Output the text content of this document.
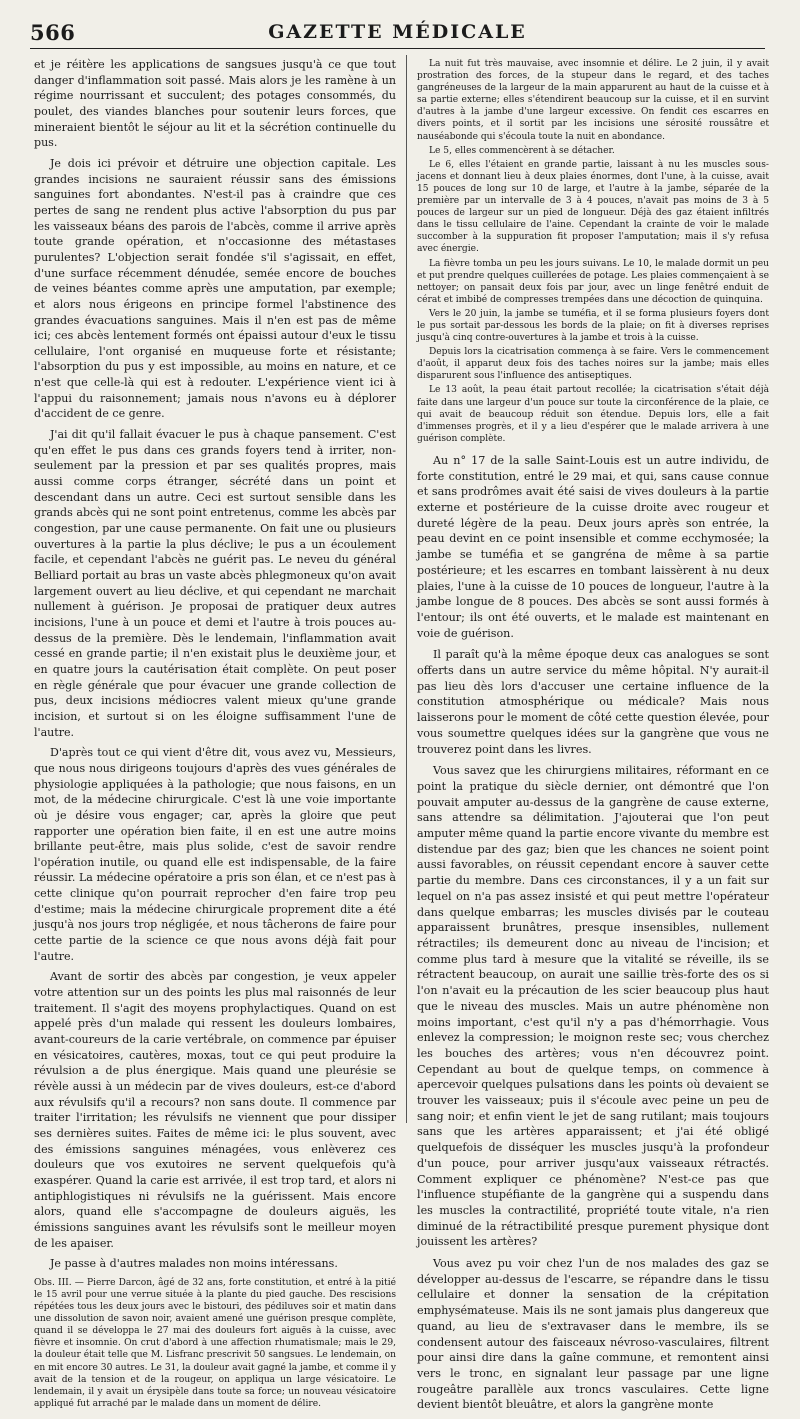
566	GAZETTE MÉDICALE

et je réitère les applications de sangsues jusqu'à ce que tout danger d'inflammation soit passé. Mais alors je les ramène à un régime nourrissant et succulent; des potages consommés, du poulet, des viandes blanches pour soutenir leurs forces, que mineraient bientôt le séjour au lit et la sécrétion continuelle du pus.

Je dois ici prévoir et détruire une objection capitale. Les grandes incisions ne sauraient réussir sans des émissions sanguines fort abondantes. N'est-il pas à craindre que ces pertes de sang ne rendent plus active l'absorption du pus par les vaisseaux béans des parois de l'abcès, comme il arrive après toute grande opération, et n'occasionne des métastases purulentes? L'objection serait fondée s'il s'agissait, en effet, d'une surface récemment dénudée, semée encore de bouches de veines béantes comme après une amputation, par exemple; et alors nous érigeons en principe formel l'abstinence des grandes évacuations sanguines. Mais il n'en est pas de même ici; ces abcès lentement formés ont épaissi autour d'eux le tissu cellulaire, l'ont organisé en muqueuse forte et résistante; l'absorption du pus y est impossible, au moins en nature, et ce n'est que celle-là qui est à redouter. L'expérience vient ici à l'appui du raisonnement; jamais nous n'avons eu à déplorer d'accident de ce genre.

J'ai dit qu'il fallait évacuer le pus à chaque pansement. C'est qu'en effet le pus dans ces grands foyers tend à irriter, non-seulement par la pression et par ses qualités propres, mais aussi comme corps étranger, sécrété dans un point et descendant dans un autre. Ceci est surtout sensible dans les grands abcès qui ne sont point entretenus, comme les abcès par congestion, par une cause permanente. On fait une ou plusieurs ouvertures à la partie la plus déclive; le pus a un écoulement facile, et cependant l'abcès ne guérit pas. Le neveu du général Belliard portait au bras un vaste abcès phlegmoneux qu'on avait largement ouvert au lieu déclive, et qui cependant ne marchait nullement à guérison. Je proposai de pratiquer deux autres incisions, l'une à un pouce et demi et l'autre à trois pouces au-dessus de la première. Dès le lendemain, l'inflammation avait cessé en grande partie; il n'en existait plus le deuxième jour, et en quatre jours la cautérisation était complète. On peut poser en règle générale que pour évacuer une grande collection de pus, deux incisions médiocres valent mieux qu'une grande incision, et surtout si on les éloigne suffisamment l'une de l'autre.

D'après tout ce qui vient d'être dit, vous avez vu, Messieurs, que nous nous dirigeons toujours d'après des vues générales de physiologie appliquées à la pathologie; que nous faisons, en un mot, de la médecine chirurgicale. C'est là une voie importante où je désire vous engager; car, après la gloire que peut rapporter une opération bien faite, il en est une autre moins brillante peut-être, mais plus solide, c'est de savoir rendre l'opération inutile, ou quand elle est indispensable, de la faire réussir. La médecine opératoire a pris son élan, et ce n'est pas à cette clinique qu'on pourrait reprocher d'en faire trop peu d'estime; mais la médecine chirurgicale proprement dite a été jusqu'à nos jours trop négligée, et nous tâcherons de faire pour cette partie de la science ce que nous avons déjà fait pour l'autre.

Avant de sortir des abcès par congestion, je veux appeler votre attention sur un des points les plus mal raisonnés de leur traitement. Il s'agit des moyens prophylactiques. Quand on est appelé près d'un malade qui ressent les douleurs lombaires, avant-coureurs de la carie vertébrale, on commence par épuiser en vésicatoires, cautères, moxas, tout ce qui peut produire la révulsion a de plus énergique. Mais quand une pleurésie se révèle aussi à un médecin par de vives douleurs, est-ce d'abord aux révulsifs qu'il a recours? non sans doute. Il commence par traiter l'irritation; les révulsifs ne viennent que pour dissiper ses dernières suites. Faites de même ici: le plus souvent, avec des émissions sanguines ménagées, vous enlèverez ces douleurs que vos exutoires ne servent quelquefois qu'à exaspérer. Quand la carie est arrivée, il est trop tard, et alors ni antiphlogistiques ni révulsifs ne la guérissent. Mais encore alors, quand elle s'accompagne de douleurs aiguës, les émissions sanguines avant les révulsifs sont le meilleur moyen de les apaiser.

Je passe à d'autres malades non moins intéressans.

Obs. III. — Pierre Darcon, âgé de 32 ans, forte constitution, et entré à la pitié le 15 avril pour une verrue située à la plante du pied gauche. Des rescisions répétées tous les deux jours avec le bistouri, des pédiluves soir et matin dans une dissolution de savon noir, avaient amené une guérison presque complète, quand il se développa le 27 mai des douleurs fort aiguës à la cuisse, avec fièvre et insomnie. On crut d'abord à une affection rhumatismale; mais le 29, la douleur était telle que M. Lisfranc prescrivit 50 sangsues. Le lendemain, on en mit encore 30 autres. Le 31, la douleur avait gagné la jambe, et comme il y avait de la tension et de la rougeur, on appliqua un large vésicatoire. Le lendemain, il y avait un érysipèle dans toute sa force; un nouveau vésicatoire appliqué fut arraché par le malade dans un moment de délire.

La nuit fut très mauvaise, avec insomnie et délire. Le 2 juin, il y avait prostration des forces, de la stupeur dans le regard, et des taches gangréneuses de la largeur de la main apparurent au haut de la cuisse et à sa partie externe; elles s'étendirent beaucoup sur la cuisse, et il en survint d'autres à la jambe d'une largeur excessive. On fendit ces escarres en divers points, et il sortit par les incisions une sérosité roussâtre et nauséabonde qui s'écoula toute la nuit en abondance.

Le 5, elles commencèrent à se détacher.

Le 6, elles l'étaient en grande partie, laissant à nu les muscles sous-jacens et donnant lieu à deux plaies énormes, dont l'une, à la cuisse, avait 15 pouces de long sur 10 de large, et l'autre à la jambe, séparée de la première par un intervalle de 3 à 4 pouces, n'avait pas moins de 3 à 5 pouces de largeur sur un pied de longueur. Déjà des gaz étaient infiltrés dans le tissu cellulaire de l'aine. Cependant la crainte de voir le malade succomber à la suppuration fit proposer l'amputation; mais il s'y refusa avec énergie.

La fièvre tomba un peu les jours suivans. Le 10, le malade dormit un peu et put prendre quelques cuillerées de potage. Les plaies commençaient à se nettoyer; on pansait deux fois par jour, avec un linge fenêtré enduit de cérat et imbibé de compresses trempées dans une décoction de quinquina.

Vers le 20 juin, la jambe se tuméfia, et il se forma plusieurs foyers dont le pus sortait par-dessous les bords de la plaie; on fit à diverses reprises jusqu'à cinq contre-ouvertures à la jambe et trois à la cuisse.

Depuis lors la cicatrisation commença à se faire. Vers le commencement d'août, il apparut deux fois des taches noires sur la jambe; mais elles disparurent sous l'influence des antiseptiques.

Le 13 août, la peau était partout recollée; la cicatrisation s'était déjà faite dans une largeur d'un pouce sur toute la circonférence de la plaie, ce qui avait de beaucoup réduit son étendue. Depuis lors, elle a fait d'immenses progrès, et il y a lieu d'espérer que le malade arrivera à une guérison complète.

Au n° 17 de la salle Saint-Louis est un autre individu, de forte constitution, entré le 29 mai, et qui, sans cause connue et sans prodrômes avait été saisi de vives douleurs à la partie externe et postérieure de la cuisse droite avec rougeur et dureté légère de la peau. Deux jours après son entrée, la peau devint en ce point insensible et comme ecchymosée; la jambe se tuméfia et se gangréna de même à sa partie postérieure; et les escarres en tombant laissèrent à nu deux plaies, l'une à la cuisse de 10 pouces de longueur, l'autre à la jambe longue de 8 pouces. Des abcès se sont aussi formés à l'entour; ils ont été ouverts, et le malade est maintenant en voie de guérison.

Il paraît qu'à la même époque deux cas analogues se sont offerts dans un autre service du même hôpital. N'y aurait-il pas lieu dès lors d'accuser une certaine influence de la constitution atmosphérique ou médicale? Mais nous laisserons pour le moment de côté cette question élevée, pour vous soumettre quelques idées sur la gangrène que vous ne trouverez point dans les livres.

Vous savez que les chirurgiens militaires, réformant en ce point la pratique du siècle dernier, ont démontré que l'on pouvait amputer au-dessus de la gangrène de cause externe, sans attendre sa délimitation. J'ajouterai que l'on peut amputer même quand la partie encore vivante du membre est distendue par des gaz; bien que les chances ne soient point aussi favorables, on réussit cependant encore à sauver cette partie du membre. Dans ces circonstances, il y a un fait sur lequel on n'a pas assez insisté et qui peut mettre l'opérateur dans quelque embarras; les muscles divisés par le couteau apparaissent brunâtres, presque insensibles, nullement rétractiles; ils demeurent donc au niveau de l'incision; et comme plus tard à mesure que la vitalité se réveille, ils se rétractent beaucoup, on aurait une saillie très-forte des os si l'on n'avait eu la précaution de les scier beaucoup plus haut que le niveau des muscles. Mais un autre phénomène non moins important, c'est qu'il n'y a pas d'hémorrhagie. Vous enlevez la compression; le moignon reste sec; vous cherchez les bouches des artères; vous n'en découvrez point. Cependant au bout de quelque temps, on commence à apercevoir quelques pulsations dans les points où devaient se trouver les vaisseaux; puis il s'écoule avec peine un peu de sang noir; et enfin vient le jet de sang rutilant; mais toujours sans que les artères apparaissent; et j'ai été obligé quelquefois de disséquer les muscles jusqu'à la profondeur d'un pouce, pour arriver jusqu'aux vaisseaux rétractés. Comment expliquer ce phénomène? N'est-ce pas que l'influence stupéfiante de la gangrène qui a suspendu dans les muscles la contractilité, propriété toute vitale, n'a rien diminué de la rétractibilité presque purement physique dont jouissent les artères?

Vous avez pu voir chez l'un de nos malades des gaz se développer au-dessus de l'escarre, se répandre dans le tissu cellulaire et donner la sensation de la crépitation emphysémateuse. Mais ils ne sont jamais plus dangereux que quand, au lieu de s'extravaser dans le membre, ils se condensent autour des faisceaux névroso-vasculaires, filtrent pour ainsi dire dans la gaîne commune, et remontent ainsi vers le tronc, en signalant leur passage par une ligne rougeâtre parallèle aux troncs vasculaires. Cette ligne devient bientôt bleuâtre, et alors la gangrène monte
